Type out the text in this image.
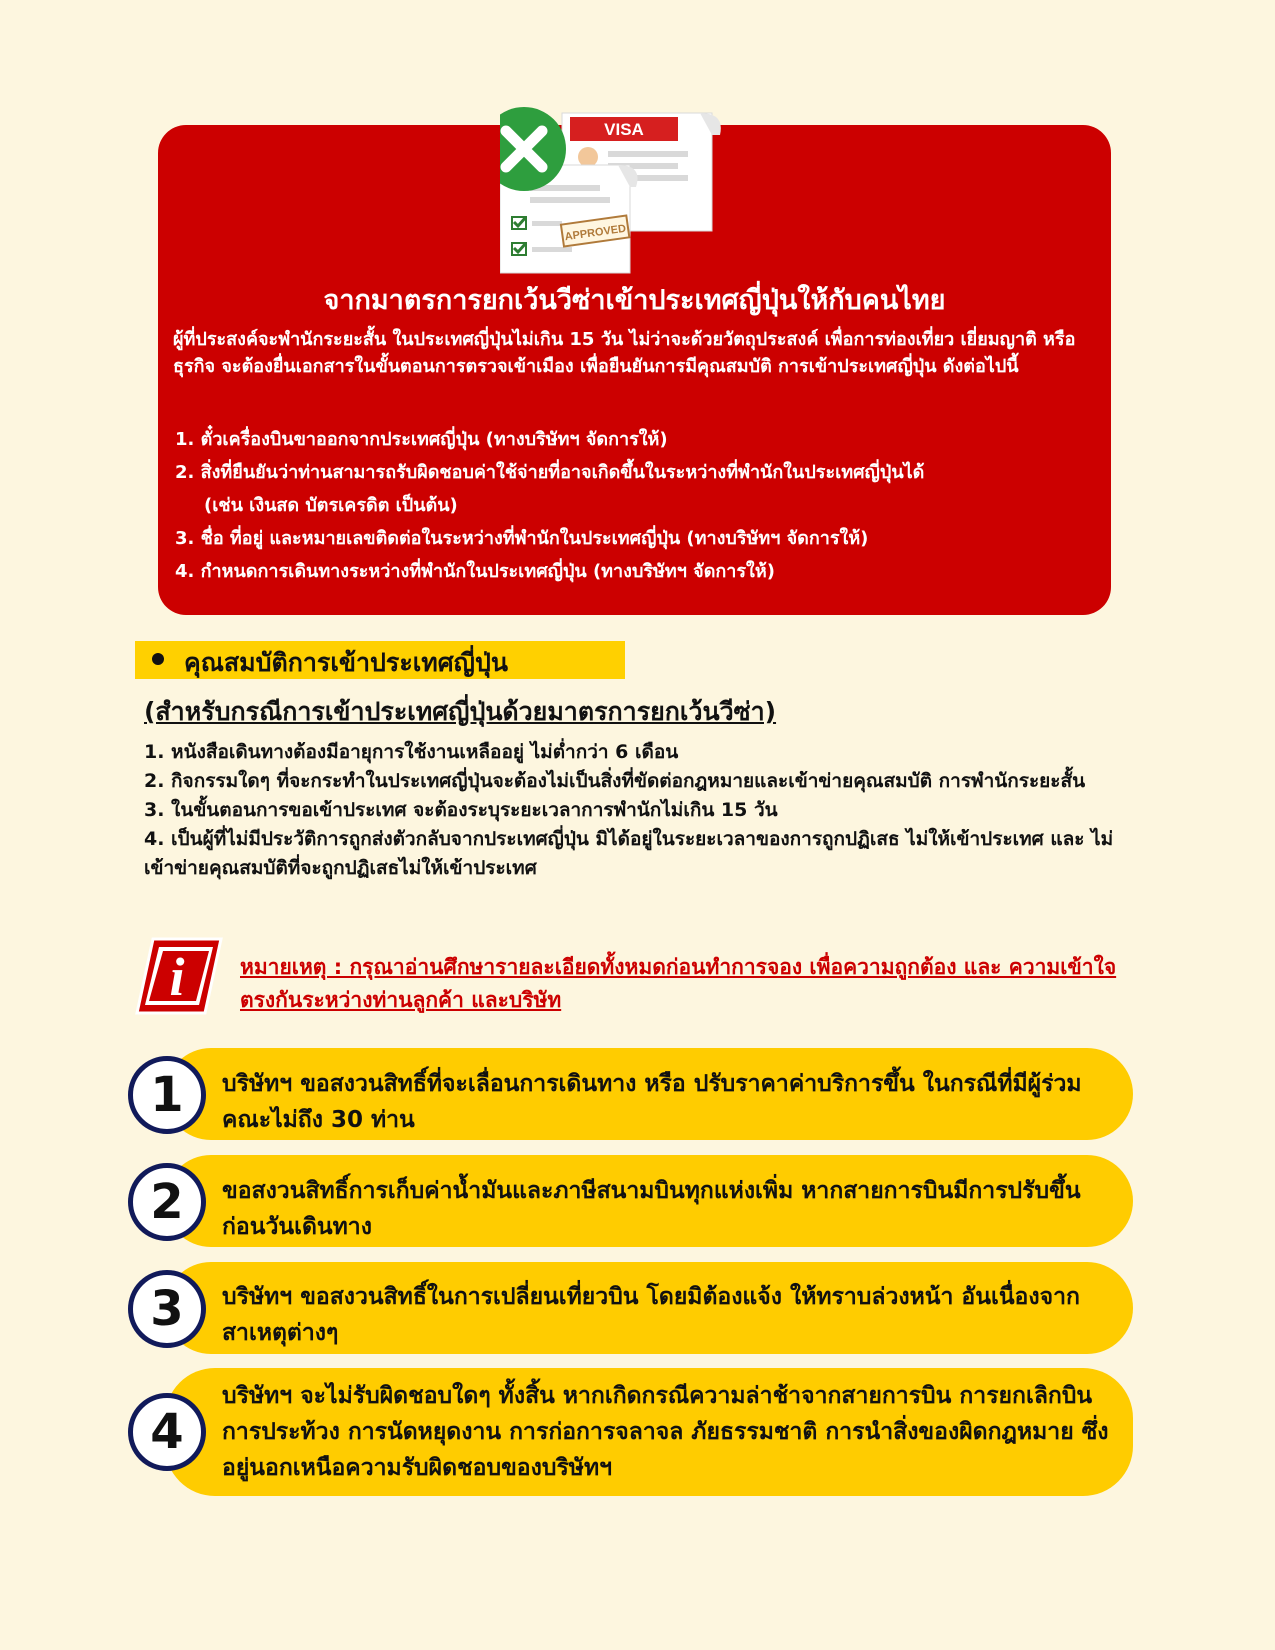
VISA
APPROVED
จากมาตรการยกเว้นวีซ่าเข้าประเทศญี่ปุ่นให้กับคนไทย
ผู้ที่ประสงค์จะพำนักระยะสั้น ในประเทศญี่ปุ่นไม่เกิน 15 วัน ไม่ว่าจะด้วยวัตถุประสงค์ เพื่อการท่องเที่ยว เยี่ยมญาติ หรือธุรกิจ จะต้องยื่นเอกสารในขั้นตอนการตรวจเข้าเมือง เพื่อยืนยันการมีคุณสมบัติ การเข้าประเทศญี่ปุ่น ดังต่อไปนี้
1. ตั๋วเครื่องบินขาออกจากประเทศญี่ปุ่น (ทางบริษัทฯ จัดการให้)
2. สิ่งที่ยืนยันว่าท่านสามารถรับผิดชอบค่าใช้จ่ายที่อาจเกิดขึ้นในระหว่างที่พำนักในประเทศญี่ปุ่นได้
(เช่น เงินสด บัตรเครดิต เป็นต้น)
3. ชื่อ ที่อยู่ และหมายเลขติดต่อในระหว่างที่พำนักในประเทศญี่ปุ่น (ทางบริษัทฯ จัดการให้)
4. กำหนดการเดินทางระหว่างที่พำนักในประเทศญี่ปุ่น (ทางบริษัทฯ จัดการให้)
คุณสมบัติการเข้าประเทศญี่ปุ่น
(สำหรับกรณีการเข้าประเทศญี่ปุ่นด้วยมาตรการยกเว้นวีซ่า)
1. หนังสือเดินทางต้องมีอายุการใช้งานเหลืออยู่ ไม่ต่ำกว่า 6 เดือน
2. กิจกรรมใดๆ ที่จะกระทำในประเทศญี่ปุ่นจะต้องไม่เป็นสิ่งที่ขัดต่อกฎหมายและเข้าข่ายคุณสมบัติ การพำนักระยะสั้น
3. ในขั้นตอนการขอเข้าประเทศ จะต้องระบุระยะเวลาการพำนักไม่เกิน 15 วัน
4. เป็นผู้ที่ไม่มีประวัติการถูกส่งตัวกลับจากประเทศญี่ปุ่น มิได้อยู่ในระยะเวลาของการถูกปฏิเสธ ไม่ให้เข้าประเทศ และ ไม่เข้าข่ายคุณสมบัติที่จะถูกปฏิเสธไม่ให้เข้าประเทศ
i	หมายเหตุ : กรุณาอ่านศึกษารายละเอียดทั้งหมดก่อนทำการจอง เพื่อความถูกต้อง และ ความเข้าใจตรงกันระหว่างท่านลูกค้า และบริษัท
1	บริษัทฯ ขอสงวนสิทธิ์ที่จะเลื่อนการเดินทาง หรือ ปรับราคาค่าบริการขึ้น ในกรณีที่มีผู้ร่วมคณะไม่ถึง 30 ท่าน
2	ขอสงวนสิทธิ์การเก็บค่าน้ำมันและภาษีสนามบินทุกแห่งเพิ่ม หากสายการบินมีการปรับขึ้นก่อนวันเดินทาง
3	บริษัทฯ ขอสงวนสิทธิ์ในการเปลี่ยนเที่ยวบิน โดยมิต้องแจ้ง ให้ทราบล่วงหน้า อันเนื่องจากสาเหตุต่างๆ
4
บริษัทฯ จะไม่รับผิดชอบใดๆ ทั้งสิ้น หากเกิดกรณีความล่าช้าจากสายการบิน การยกเลิกบิน การประท้วง การนัดหยุดงาน การก่อการจลาจล ภัยธรรมชาติ การนำสิ่งของผิดกฎหมาย ซึ่งอยู่นอกเหนือความรับผิดชอบของบริษัทฯ
